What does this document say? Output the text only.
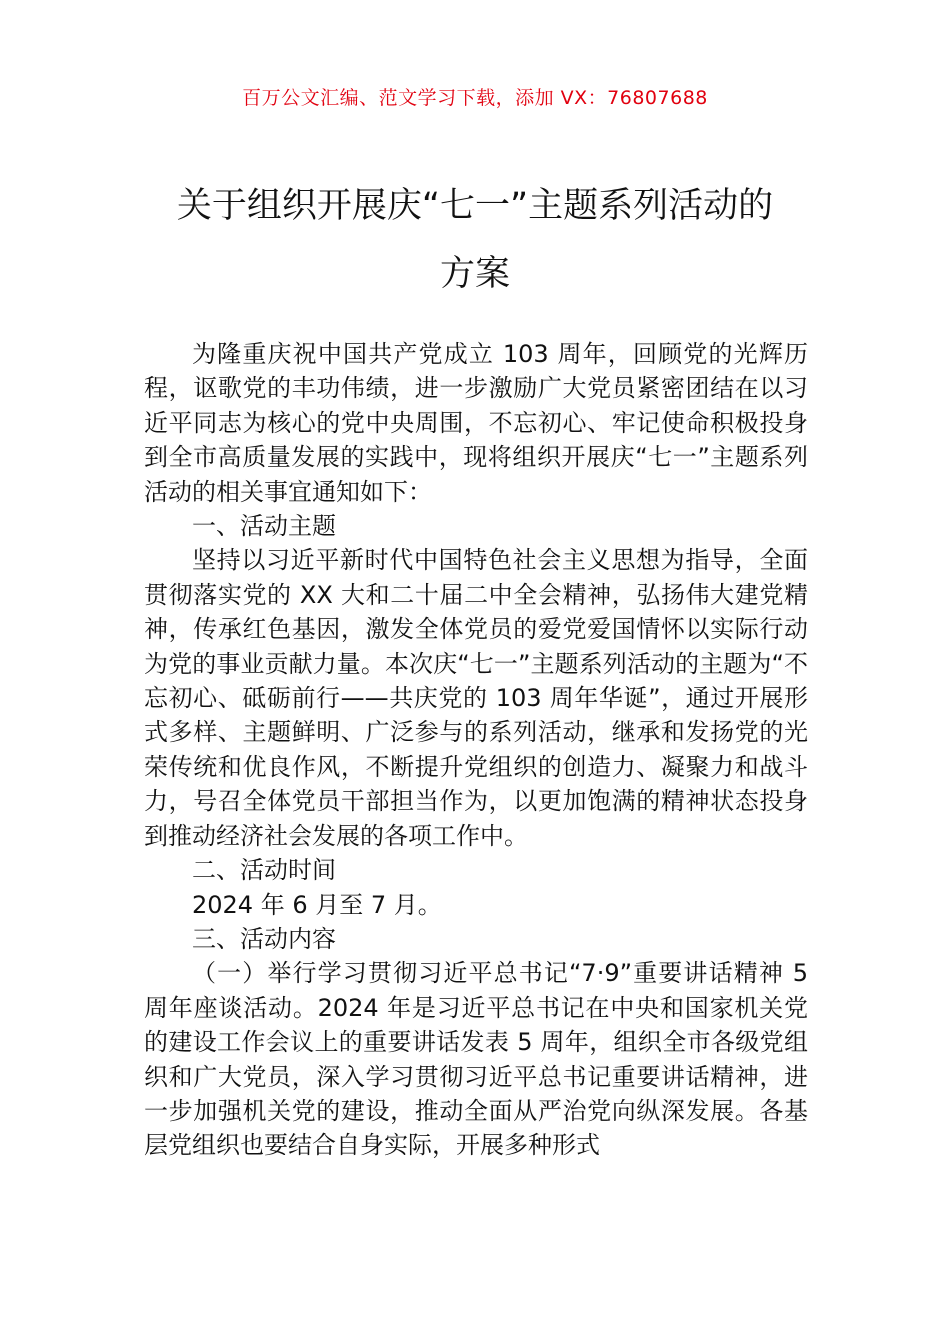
百万公文汇编、范文学习下载，添加 VX：76807688
关于组织开展庆“七一”主题系列活动的
方案

为隆重庆祝中国共产党成立 103 周年，回顾党的光辉历程，讴歌党的丰功伟绩，进一步激励广大党员紧密团结在以习近平同志为核心的党中央周围，不忘初心、牢记使命积极投身到全市高质量发展的实践中，现将组织开展庆“七一”主题系列活动的相关事宜通知如下：

一、活动主题

坚持以习近平新时代中国特色社会主义思想为指导，全面贯彻落实党的 XX 大和二十届二中全会精神，弘扬伟大建党精神，传承红色基因，激发全体党员的爱党爱国情怀以实际行动为党的事业贡献力量。本次庆“七一”主题系列活动的主题为“不忘初心、砥砺前行——共庆党的 103 周年华诞”，通过开展形式多样、主题鲜明、广泛参与的系列活动，继承和发扬党的光荣传统和优良作风，不断提升党组织的创造力、凝聚力和战斗力，号召全体党员干部担当作为，以更加饱满的精神状态投身到推动经济社会发展的各项工作中。

二、活动时间

2024 年 6 月至 7 月。

三、活动内容

（一）举行学习贯彻习近平总书记“7·9”重要讲话精神 5 周年座谈活动。2024 年是习近平总书记在中央和国家机关党的建设工作会议上的重要讲话发表 5 周年，组织全市各级党组织和广大党员，深入学习贯彻习近平总书记重要讲话精神，进一步加强机关党的建设，推动全面从严治党向纵深发展。各基层党组织也要结合自身实际，开展多种形式
